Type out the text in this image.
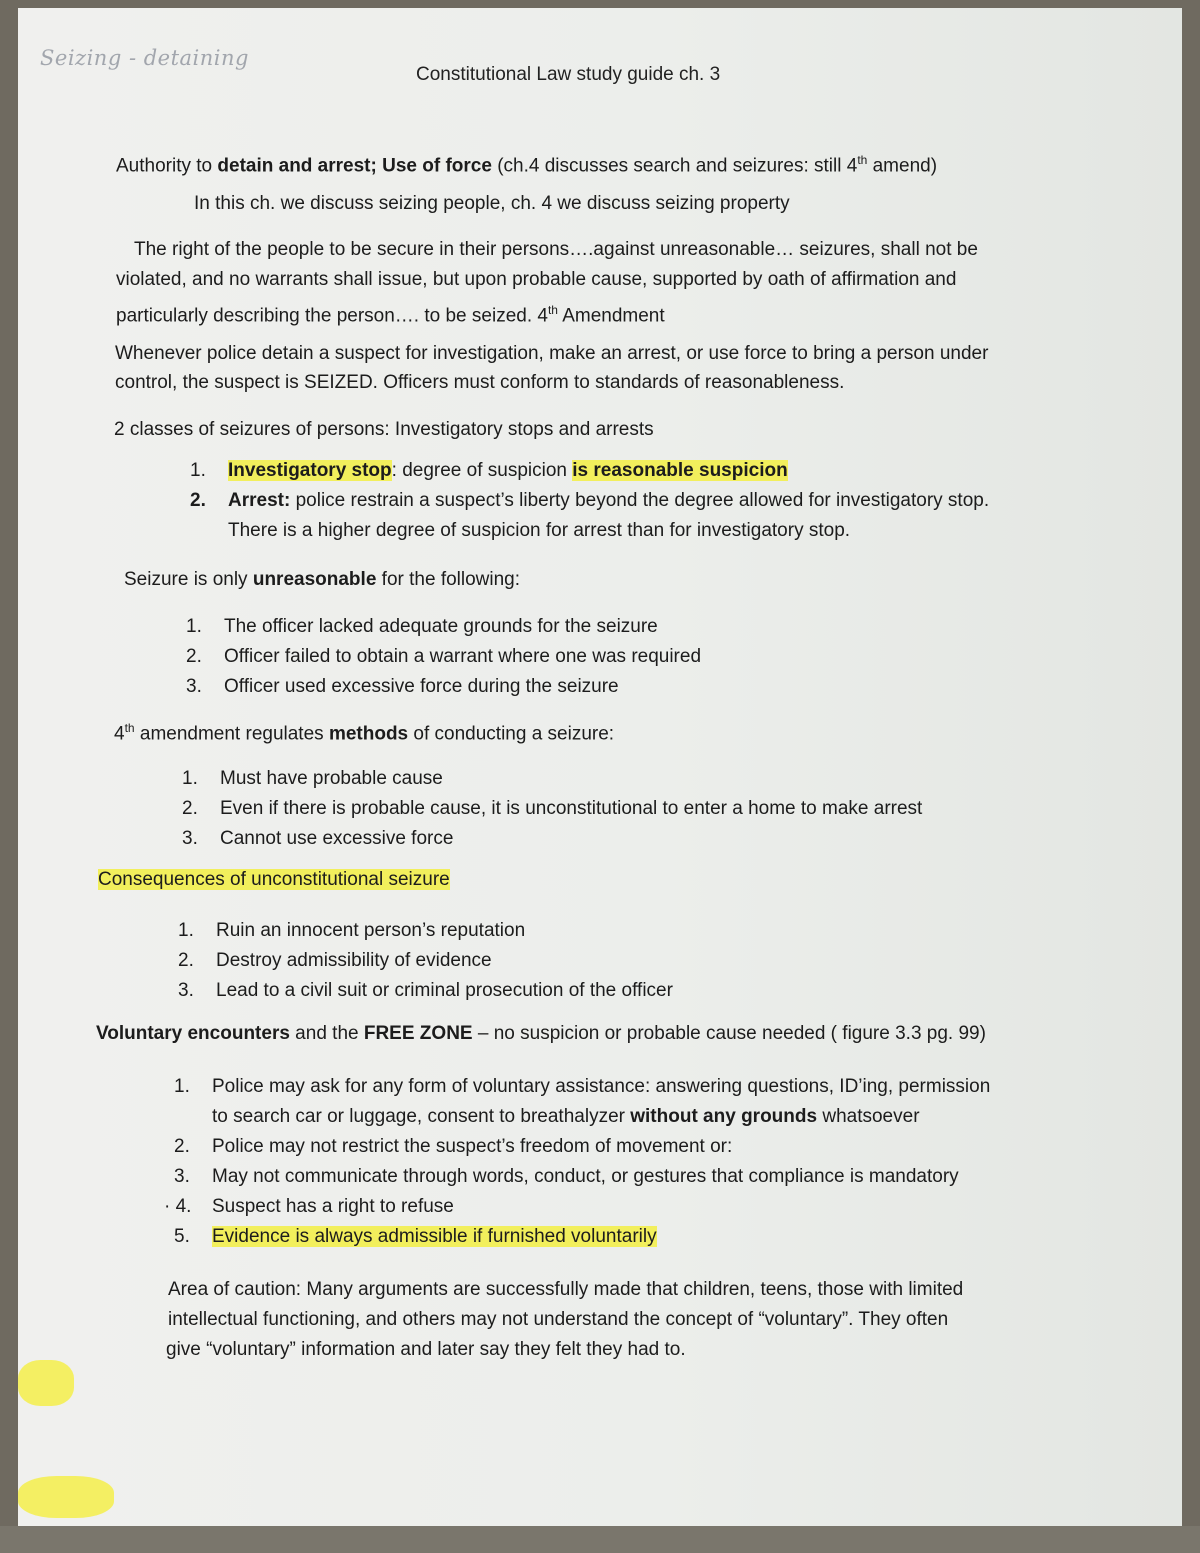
Seizing - detaining
Constitutional Law study guide ch. 3
Authority to detain and arrest; Use of force (ch.4 discusses search and seizures: still 4th amend)
In this ch. we discuss seizing people, ch. 4 we discuss seizing property
The right of the people to be secure in their persons….against unreasonable… seizures, shall not be
violated, and no warrants shall issue, but upon probable cause, supported by oath of affirmation and
particularly describing the person…. to be seized. 4th Amendment
Whenever police detain a suspect for investigation, make an arrest, or use force to bring a person under
control, the suspect is SEIZED. Officers must conform to standards of reasonableness.
2 classes of seizures of persons: Investigatory stops and arrests
1. Investigatory stop: degree of suspicion is reasonable suspicion
2. Arrest: police restrain a suspect’s liberty beyond the degree allowed for investigatory stop.
There is a higher degree of suspicion for arrest than for investigatory stop.
Seizure is only unreasonable for the following:
1. The officer lacked adequate grounds for the seizure
2. Officer failed to obtain a warrant where one was required
3. Officer used excessive force during the seizure
4th amendment regulates methods of conducting a seizure:
1. Must have probable cause
2. Even if there is probable cause, it is unconstitutional to enter a home to make arrest
3. Cannot use excessive force
Consequences of unconstitutional seizure
1. Ruin an innocent person’s reputation
2. Destroy admissibility of evidence
3. Lead to a civil suit or criminal prosecution of the officer
Voluntary encounters and the FREE ZONE – no suspicion or probable cause needed ( figure 3.3 pg. 99)
1. Police may ask for any form of voluntary assistance: answering questions, ID’ing, permission
to search car or luggage, consent to breathalyzer without any grounds whatsoever
2. Police may not restrict the suspect’s freedom of movement or:
3. May not communicate through words, conduct, or gestures that compliance is mandatory
· 4. Suspect has a right to refuse
5. Evidence is always admissible if furnished voluntarily
Area of caution: Many arguments are successfully made that children, teens, those with limited
intellectual functioning, and others may not understand the concept of “voluntary”. They often
give “voluntary” information and later say they felt they had to.
